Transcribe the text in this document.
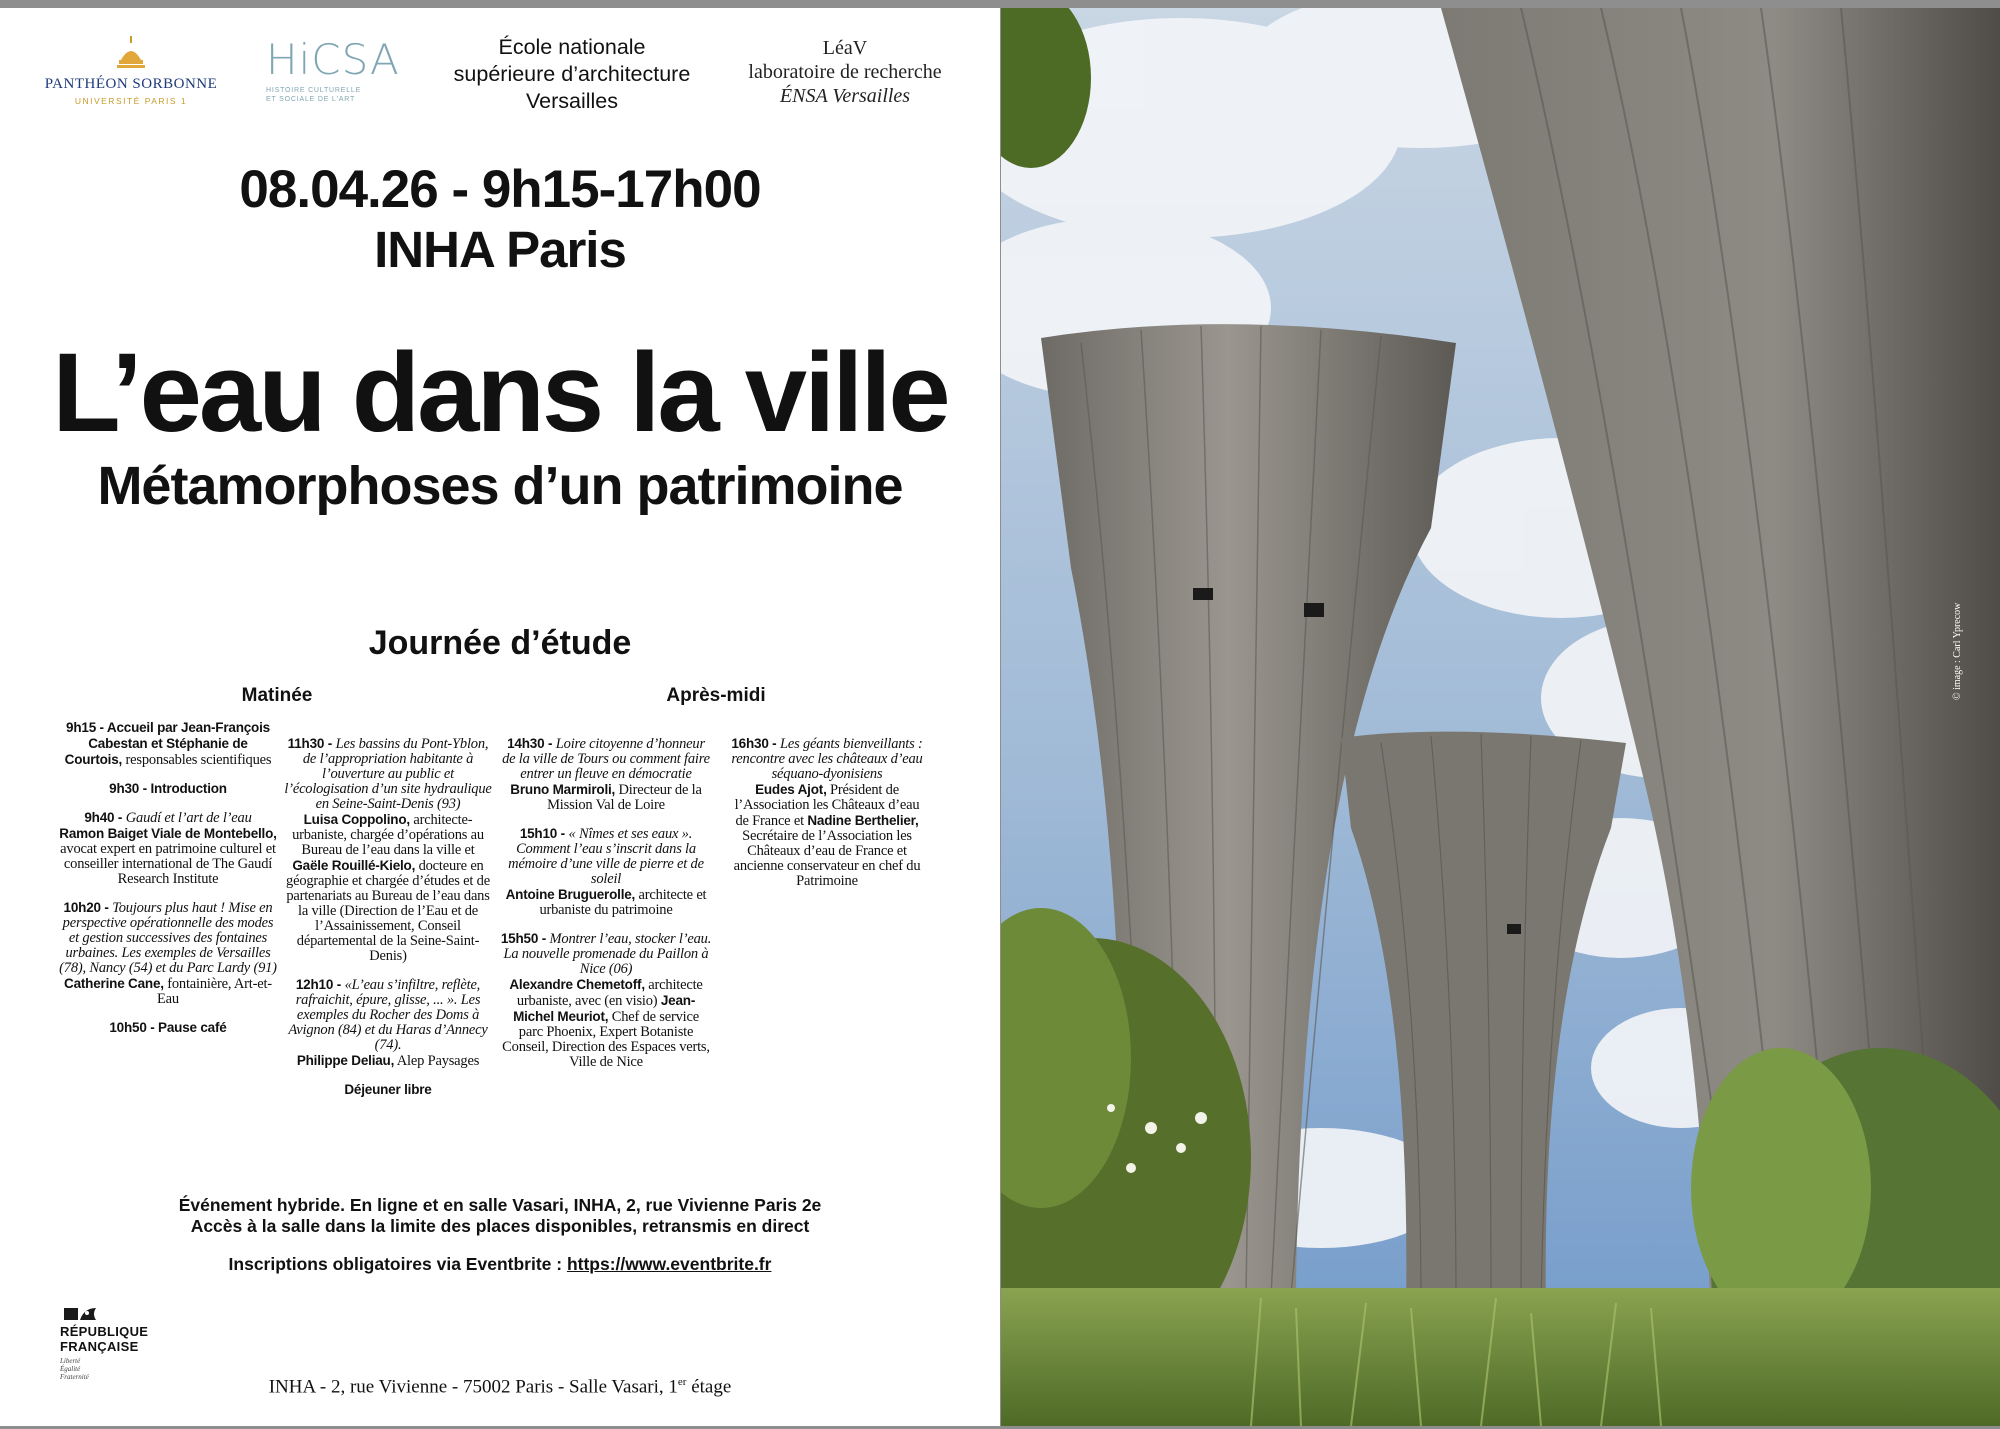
PANTHÉON SORBONNE
UNIVERSITÉ PARIS 1
HiCSA
HISTOIRE CULTURELLE
ET SOCIALE DE L'ART
École nationale
supérieure d’architecture
Versailles
LéaV
laboratoire de recherche
ÉNSA Versailles
08.04.26 - 9h15-17h00
INHA Paris
L’eau dans la ville
Métamorphoses d’un patrimoine
Journée d’étude
Matinée	Après-midi
9h15 - Accueil par Jean-François Cabestan et Stéphanie de Courtois, responsables scientifiques
9h30 - Introduction
9h40 - Gaudí et l’art de l’eau
Ramon Baiget Viale de Montebello, avocat expert en patrimoine culturel et conseiller international de The Gaudí Research Institute
10h20 - Toujours plus haut ! Mise en perspective opérationnelle des modes et gestion successives des fontaines urbaines. Les exemples de Versailles (78), Nancy (54) et du Parc Lardy (91)
Catherine Cane, fontainière, Art-et-Eau
10h50 - Pause café
11h30 - Les bassins du Pont-Yblon, de l’appropriation habitante à l’ouverture au public et l’écologisation d’un site hydraulique en Seine-Saint-Denis (93)
Luisa Coppolino, architecte-urbaniste, chargée d’opérations au Bureau de l’eau dans la ville et Gaële Rouillé-Kielo, docteure en géographie et chargée d’études et de partenariats au Bureau de l’eau dans la ville (Direction de l’Eau et de l’Assainissement, Conseil départemental de la Seine-Saint-Denis)
12h10 - «L’eau s’infiltre, reflète, rafraichit, épure, glisse, ... ». Les exemples du Rocher des Doms à Avignon (84) et du Haras d’Annecy (74).
Philippe Deliau, Alep Paysages
Déjeuner libre
14h30 - Loire citoyenne d’honneur de la ville de Tours ou comment faire entrer un fleuve en démocratie
Bruno Marmiroli, Directeur de la Mission Val de Loire
15h10 - « Nîmes et ses eaux ». Comment l’eau s’inscrit dans la mémoire d’une ville de pierre et de soleil
Antoine Bruguerolle, architecte et urbaniste du patrimoine
15h50 - Montrer l’eau, stocker l’eau. La nouvelle promenade du Paillon à Nice (06)
Alexandre Chemetoff, architecte urbaniste, avec (en visio) Jean-Michel Meuriot, Chef de service parc Phoenix, Expert Botaniste Conseil, Direction des Espaces verts, Ville de Nice
16h30 - Les géants bienveillants : rencontre avec les châteaux d’eau séquano-dyonisiens
Eudes Ajot, Président de l’Association les Châteaux d’eau de France et Nadine Berthelier, Secrétaire de l’Association les Châteaux d’eau de France et ancienne conservateur en chef du Patrimoine
Événement hybride. En ligne et en salle Vasari, INHA, 2, rue Vivienne Paris 2e
Accès à la salle dans la limite des places disponibles, retransmis en direct
Inscriptions obligatoires via Eventbrite : https://www.eventbrite.fr
RÉPUBLIQUE
FRANÇAISE
Liberté
Égalité
Fraternité	INHA - 2, rue Vivienne - 75002 Paris - Salle Vasari, 1er étage
© image : Carl Yprecow
